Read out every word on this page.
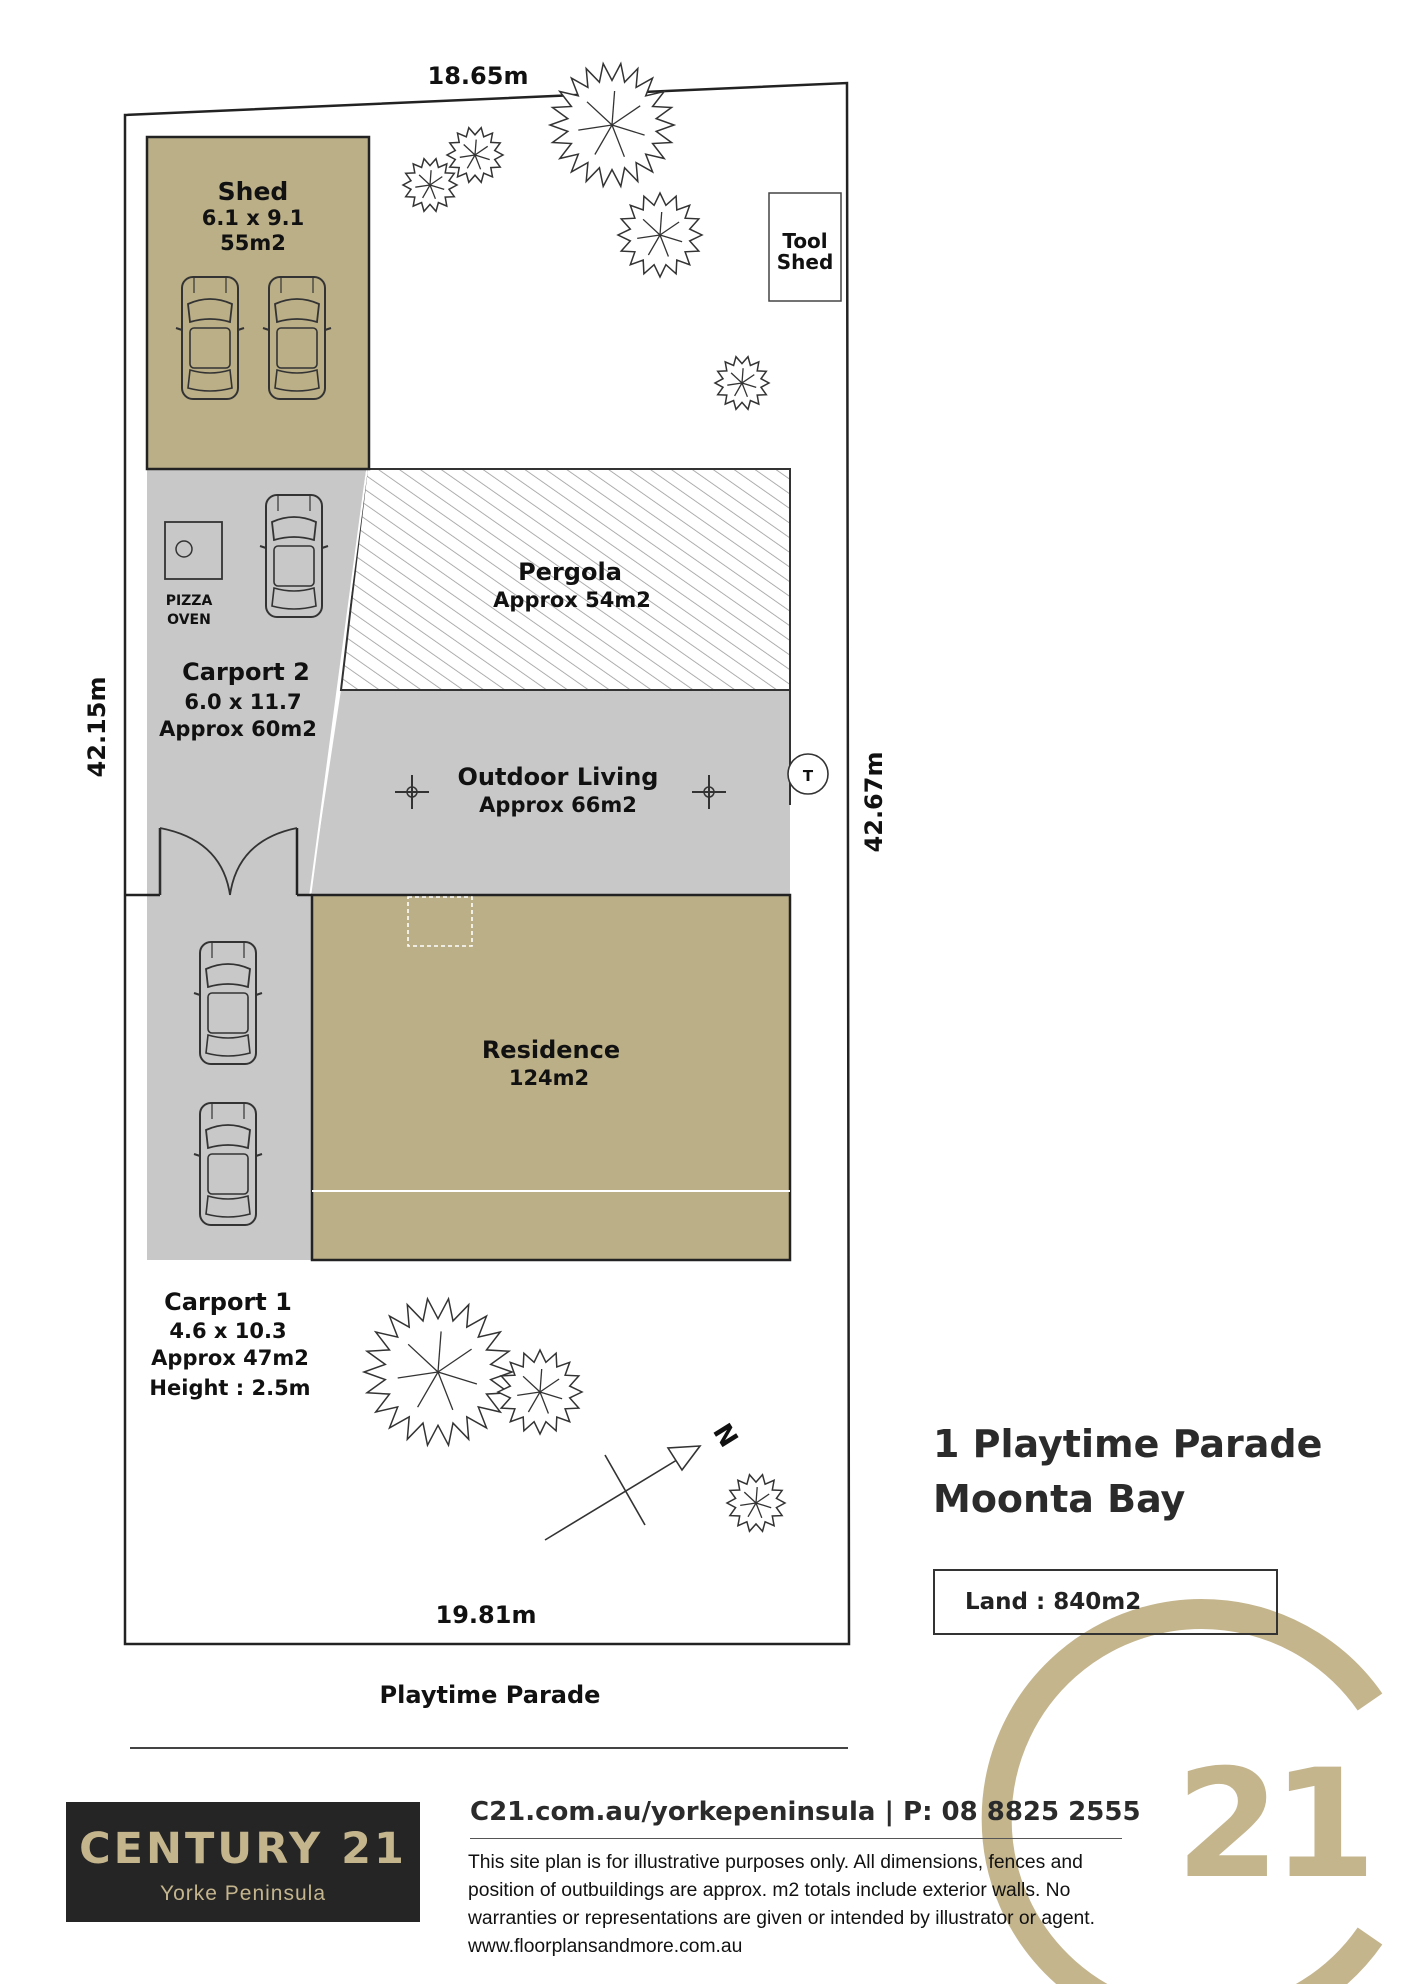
18.65m
19.81m
42.15m
42.67m
Shed
6.1 x 9.1
55m2	Tool
Shed
PIZZA
OVEN
Carport 2
6.0 x 11.7
Approx 60m2
Pergola
Approx 54m2
Outdoor Living
Approx 66m2
T
Residence
124m2
Carport 1
4.6 x 10.3
Approx 47m2
Height : 2.5m
N
21
1 Playtime Parade
Moonta Bay
Land : 840m2
Playtime Parade
CENTURY 21
Yorke Peninsula
C21.com.au/yorkepeninsula | P: 08 8825 2555
This site plan is for illustrative purposes only. All dimensions, fences and position of outbuildings are approx. m2 totals include exterior walls. No warranties or representations are given or intended by illustrator or agent. www.floorplansandmore.com.au
